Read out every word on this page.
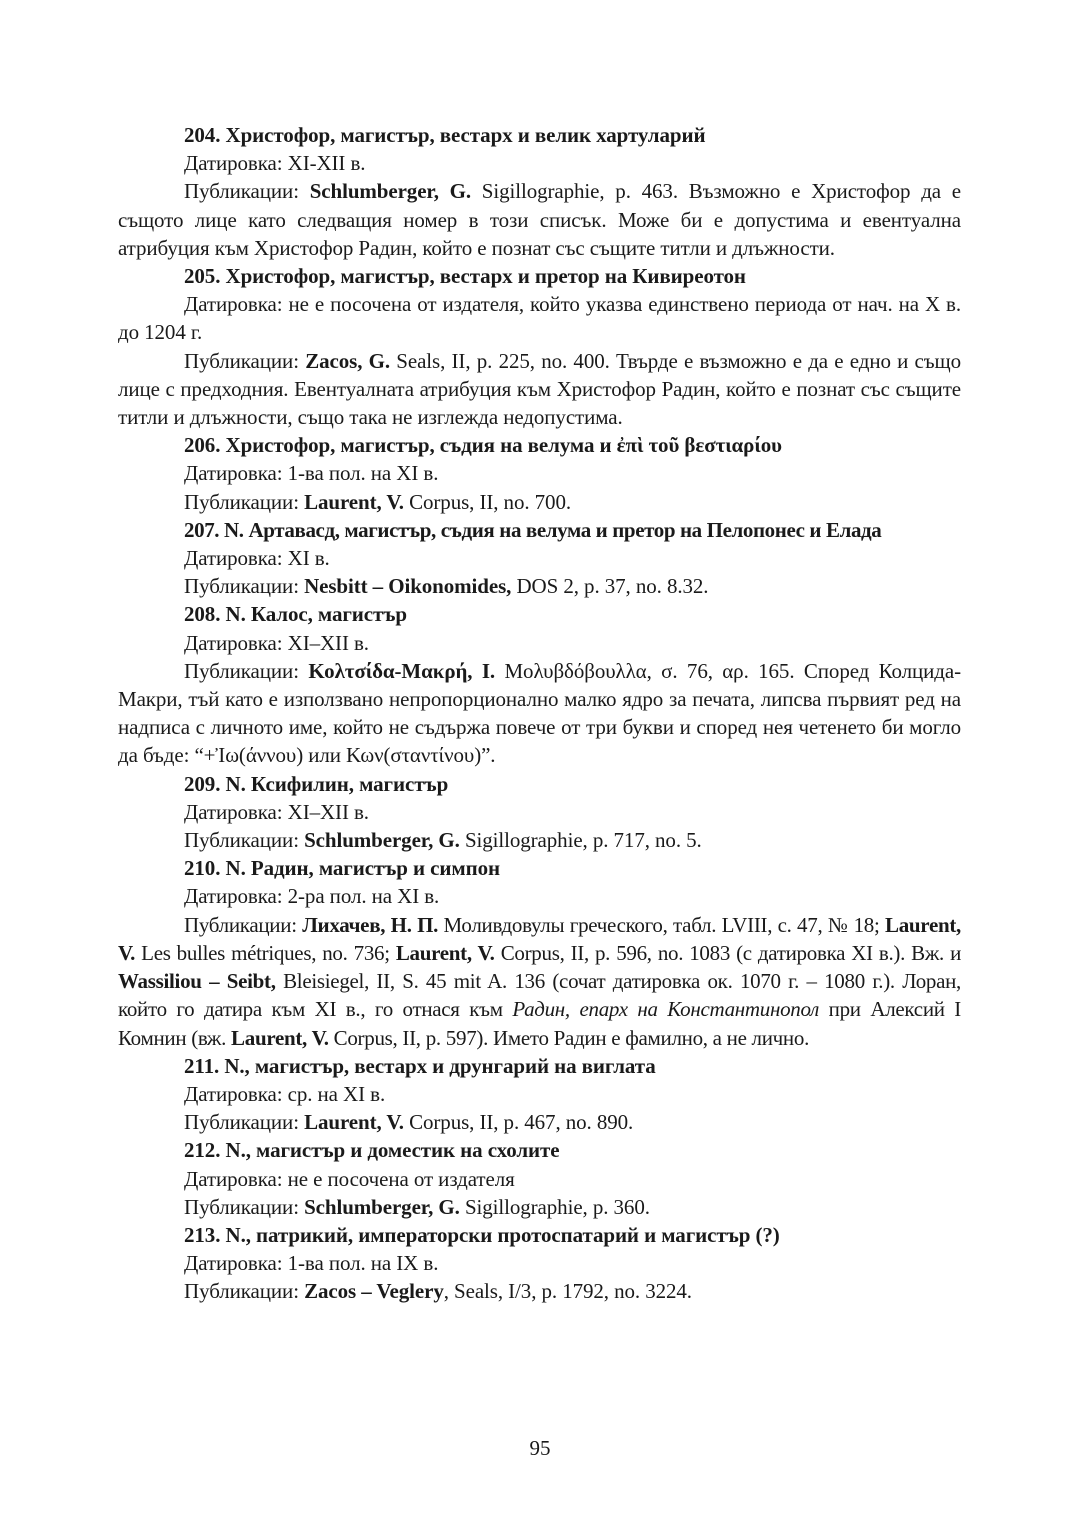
204. Христофор, магистър, вестарх и велик хартуларий

Датировка: XI-XII в.

Публикации: Schlumberger, G. Sigillographie, p. 463. Възможно е Христофор да е същото лице като следващия номер в този списък. Може би е допустима и евентуална атрибуция към Христофор Радин, който е познат със същите титли и длъжности.

205. Христофор, магистър, вестарх и претор на Кивиреотон

Датировка: не е посочена от издателя, който указва единствено периода от нач. на X в. до 1204 г.

Публикации: Zacos, G. Seals, II, p. 225, no. 400. Твърде е възможно е да е едно и също лице с предходния. Евентуалната атрибуция към Христофор Радин, който е познат със същите титли и длъжности, също така не изглежда недопустима.

206. Христофор, магистър, съдия на велума и ἐπὶ τοῦ βεστιαρίου

Датировка: 1-ва пол. на XI в.

Публикации: Laurent, V. Corpus, II, no. 700.

207. N. Артавасд, магистър, съдия на велума и претор на Пелопонес и Елада

Датировка: XI в.

Публикации: Nesbitt – Oikonomides, DOS 2, p. 37, no. 8.32.

208. N. Калос, магистър

Датировка: XI–XII в.

Публикации: Κολτσίδα-Μακρή, Ι. Μολυβδόβουλλα, σ. 76, αρ. 165. Според Колцида-Макри, тъй като е използвано непропорционално малко ядро за печата, липсва първият ред на надписа с личното име, който не съдържа повече от три букви и според нея четенето би могло да бъде: “+Ἰω(άννου) или Κων(σταντίνου)”.

209. N. Ксифилин, магистър

Датировка: XI–XII в.

Публикации: Schlumberger, G. Sigillographie, p. 717, no. 5.

210. N. Радин, магистър и симпон

Датировка: 2-ра пол. на XI в.

Публикации: Лихачев, Н. П. Моливдовулы греческого, табл. LVIII, с. 47, № 18; Laurent, V. Les bulles métriques, no. 736; Laurent, V. Corpus, II, p. 596, no. 1083 (с датировка XI в.). Вж. и Wassiliou – Seibt, Bleisiegel, II, S. 45 mit A. 136 (сочат датировка ок. 1070 г. – 1080 г.). Лоран, който го датира към XI в., го отнася към Радин, епарх на Константинопол при Алексий I Комнин (вж. Laurent, V. Corpus, II, p. 597). Името Радин е фамилно, а не лично.

211. N., магистър, вестарх и друнгарий на виглата

Датировка: ср. на XI в.

Публикации: Laurent, V. Corpus, II, p. 467, no. 890.

212. N., магистър и доместик на схолите

Датировка: не е посочена от издателя

Публикации: Schlumberger, G. Sigillographie, p. 360.

213. N., патрикий, императорски протоспатарий и магистър (?)

Датировка: 1-ва пол. на IX в.

Публикации: Zacos – Veglery, Seals, I/3, p. 1792, no. 3224.

95
